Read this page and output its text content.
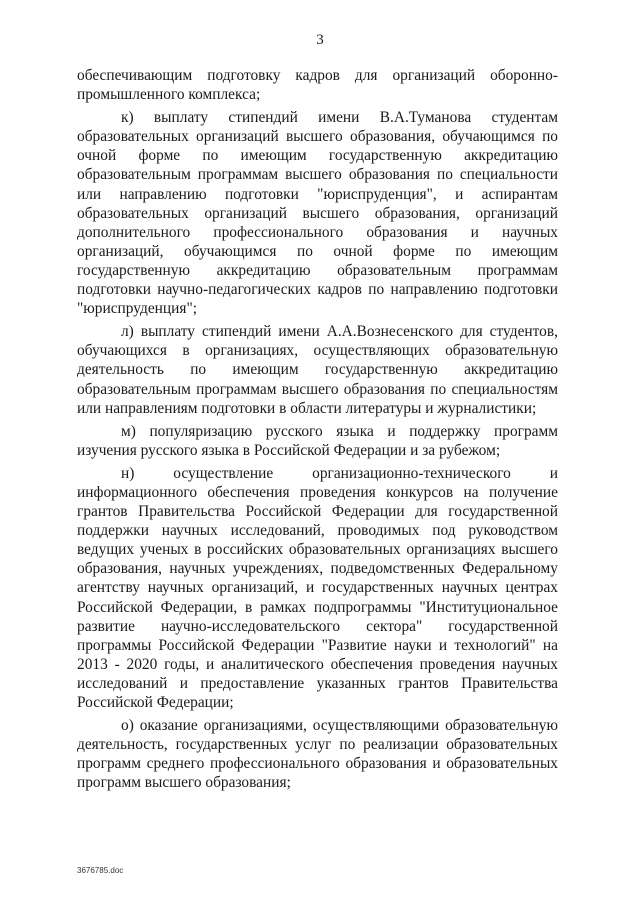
3

обеспечивающим подготовку кадров для организаций оборонно-промышленного комплекса;

к) выплату стипендий имени В.А.Туманова студентам образовательных организаций высшего образования, обучающимся по очной форме по имеющим государственную аккредитацию образовательным программам высшего образования по специальности или направлению подготовки "юриспруденция", и аспирантам образовательных организаций высшего образования, организаций дополнительного профессионального образования и научных организаций, обучающимся по очной форме по имеющим государственную аккредитацию образовательным программам подготовки научно-педагогических кадров по направлению подготовки "юриспруденция";

л) выплату стипендий имени А.А.Вознесенского для студентов, обучающихся в организациях, осуществляющих образовательную деятельность по имеющим государственную аккредитацию образовательным программам высшего образования по специальностям или направлениям подготовки в области литературы и журналистики;

м) популяризацию русского языка и поддержку программ изучения русского языка в Российской Федерации и за рубежом;

н) осуществление организационно-технического и информационного обеспечения проведения конкурсов на получение грантов Правительства Российской Федерации для государственной поддержки научных исследований, проводимых под руководством ведущих ученых в российских образовательных организациях высшего образования, научных учреждениях, подведомственных Федеральному агентству научных организаций, и государственных научных центрах Российской Федерации, в рамках подпрограммы "Институциональное развитие научно-исследовательского сектора" государственной программы Российской Федерации "Развитие науки и технологий" на 2013 - 2020 годы, и аналитического обеспечения проведения научных исследований и предоставление указанных грантов Правительства Российской Федерации;

о) оказание организациями, осуществляющими образовательную деятельность, государственных услуг по реализации образовательных программ среднего профессионального образования и образовательных программ высшего образования;

3676785.doc
